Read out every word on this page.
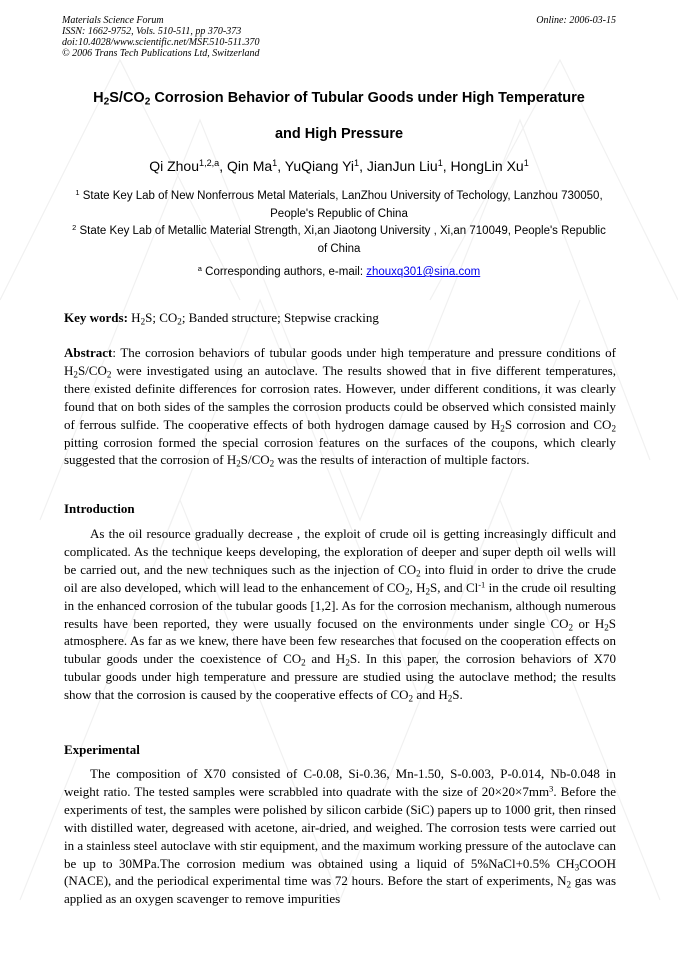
Materials Science Forum
ISSN: 1662-9752, Vols. 510-511, pp 370-373
doi:10.4028/www.scientific.net/MSF.510-511.370
© 2006 Trans Tech Publications Ltd, Switzerland
Online: 2006-03-15
$H_2S/CO_2$ Corrosion Behavior of Tubular Goods under High Temperature
and High Pressure
Qi Zhou$^{1,2,a}$, Qin Ma$^1$, YuQiang Yi$^1$, JianJun Liu$^1$, HongLin Xu$^1$
$^1$ State Key Lab of New Nonferrous Metal Materials, LanZhou University of Techology, Lanzhou 730050, People's Republic of China
$^2$ State Key Lab of Metallic Material Strength, Xi,an Jiaotong University , Xi,an 710049, People's Republic of China
$^a$ Corresponding authors, e-mail: zhouxq301@sina.com
Key words: $H_2S$; $CO_2$; Banded structure; Stepwise cracking
Abstract: The corrosion behaviors of tubular goods under high temperature and pressure conditions of $H_2S/CO_2$ were investigated using an autoclave. The results showed that in five different temperatures, there existed definite differences for corrosion rates. However, under different conditions, it was clearly found that on both sides of the samples the corrosion products could be observed which consisted mainly of ferrous sulfide. The cooperative effects of both hydrogen damage caused by $H_2S$ corrosion and $CO_2$ pitting corrosion formed the special corrosion features on the surfaces of the coupons, which clearly suggested that the corrosion of $H_2S/CO_2$ was the results of interaction of multiple factors.
Introduction
As the oil resource gradually decrease , the exploit of crude oil is getting increasingly difficult and complicated. As the technique keeps developing, the exploration of deeper and super depth oil wells will be carried out, and the new techniques such as the injection of $CO_2$ into fluid in order to drive the crude oil are also developed, which will lead to the enhancement of $CO_2$, $H_2S$, and $Cl^{-1}$ in the crude oil resulting in the enhanced corrosion of the tubular goods [1,2]. As for the corrosion mechanism, although numerous results have been reported, they were usually focused on the environments under single $CO_2$ or $H_2S$ atmosphere. As far as we knew, there have been few researches that focused on the cooperation effects on tubular goods under the coexistence of $CO_2$ and $H_2S$. In this paper, the corrosion behaviors of X70 tubular goods under high temperature and pressure are studied using the autoclave method; the results show that the corrosion is caused by the cooperative effects of $CO_2$ and $H_2S$.
Experimental
The composition of X70 consisted of C-0.08, Si-0.36, Mn-1.50, S-0.003, P-0.014, Nb-0.048 in weight ratio. The tested samples were scrabbled into quadrate with the size of $20\times 20\times 7mm^3$. Before the experiments of test, the samples were polished by silicon carbide (SiC) papers up to 1000 grit, then rinsed with distilled water, degreased with acetone, air-dried, and weighed. The corrosion tests were carried out in a stainless steel autoclave with stir equipment, and the maximum working pressure of the autoclave can be up to 30MPa.The corrosion medium was obtained using a liquid of 5%NaCl+0.5% $CH_3COOH$ (NACE), and the periodical experimental time was 72 hours. Before the start of experiments, $N_2$ gas was applied as an oxygen scavenger to remove impurities
